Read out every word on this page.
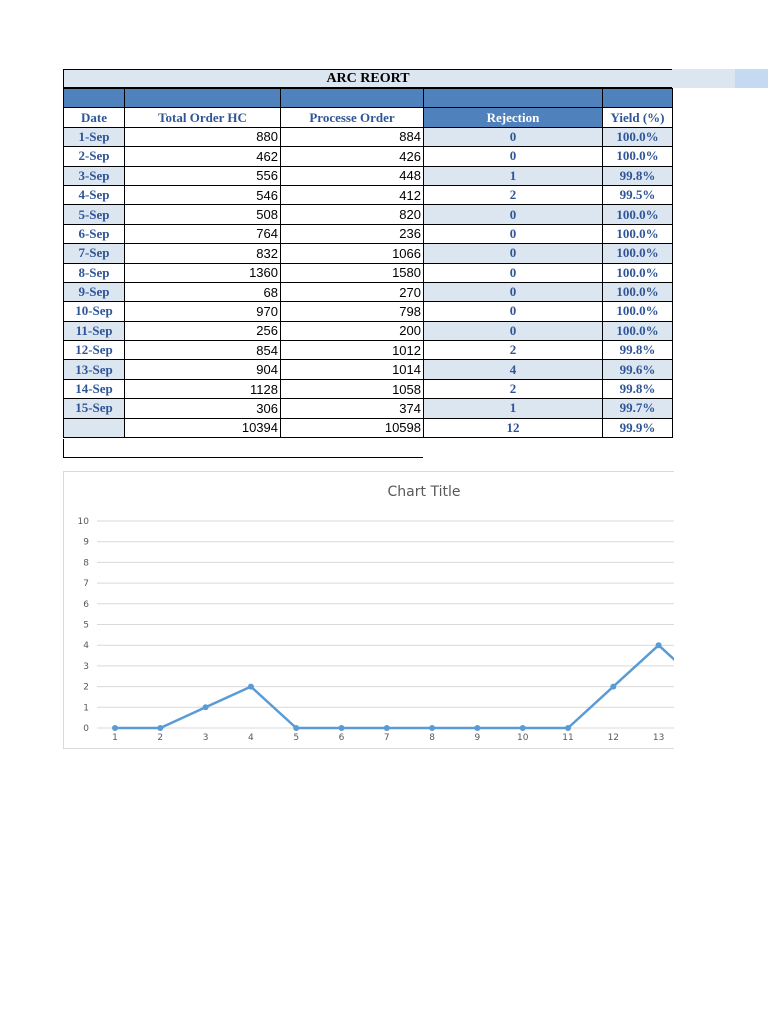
ARC REORT

Date	Total Order HC	Processe Order	Rejection	Yield (%)
1-Sep	880	884	0	100.0%
2-Sep	462	426	0	100.0%
3-Sep	556	448	1	99.8%
4-Sep	546	412	2	99.5%
5-Sep	508	820	0	100.0%
6-Sep	764	236	0	100.0%
7-Sep	832	1066	0	100.0%
8-Sep	1360	1580	0	100.0%
9-Sep	68	270	0	100.0%
10-Sep	970	798	0	100.0%
11-Sep	256	200	0	100.0%
12-Sep	854	1012	2	99.8%
13-Sep	904	1014	4	99.6%
14-Sep	1128	1058	2	99.8%
15-Sep	306	374	1	99.7%
	10394	10598	12	99.9%
Chart Title
0
1
2
3
4
5
6
7
8
9
10
1	2	3	4	5	6	7	8	9	10	11	12	13
